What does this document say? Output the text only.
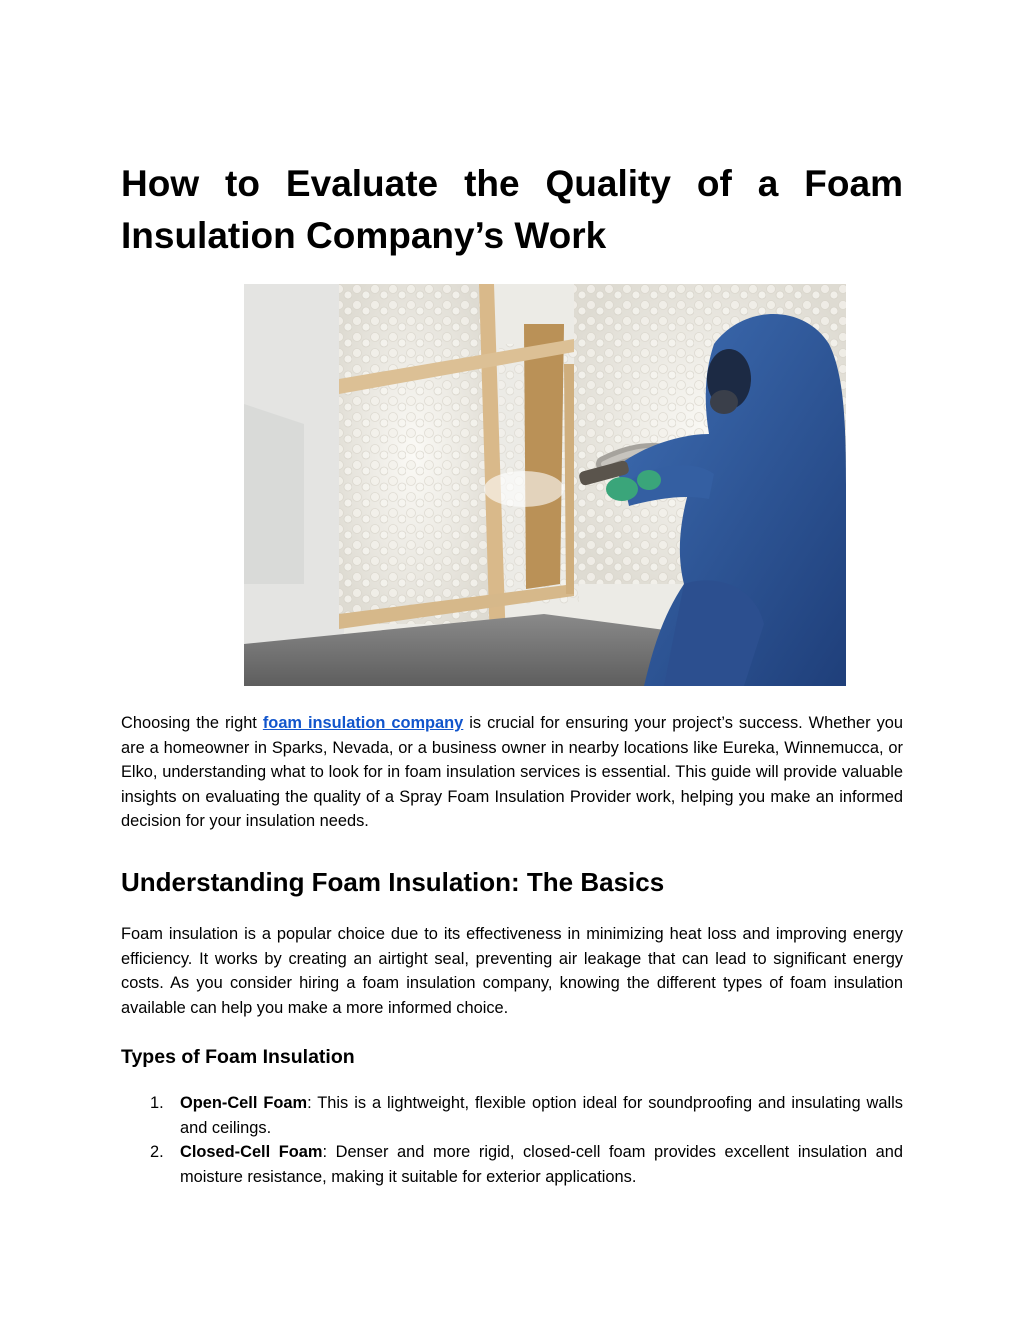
How to Evaluate the Quality of a Foam Insulation Company’s Work

Choosing the right foam insulation company is crucial for ensuring your project’s success. Whether you are a homeowner in Sparks, Nevada, or a business owner in nearby locations like Eureka, Winnemucca, or Elko, understanding what to look for in foam insulation services is essential. This guide will provide valuable insights on evaluating the quality of a Spray Foam Insulation Provider work, helping you make an informed decision for your insulation needs.

Understanding Foam Insulation: The Basics

Foam insulation is a popular choice due to its effectiveness in minimizing heat loss and improving energy efficiency. It works by creating an airtight seal, preventing air leakage that can lead to significant energy costs. As you consider hiring a foam insulation company, knowing the different types of foam insulation available can help you make a more informed choice.

Types of Foam Insulation
1. Open-Cell Foam: This is a lightweight, flexible option ideal for soundproofing and insulating walls and ceilings.
2. Closed-Cell Foam: Denser and more rigid, closed-cell foam provides excellent insulation and moisture resistance, making it suitable for exterior applications.
